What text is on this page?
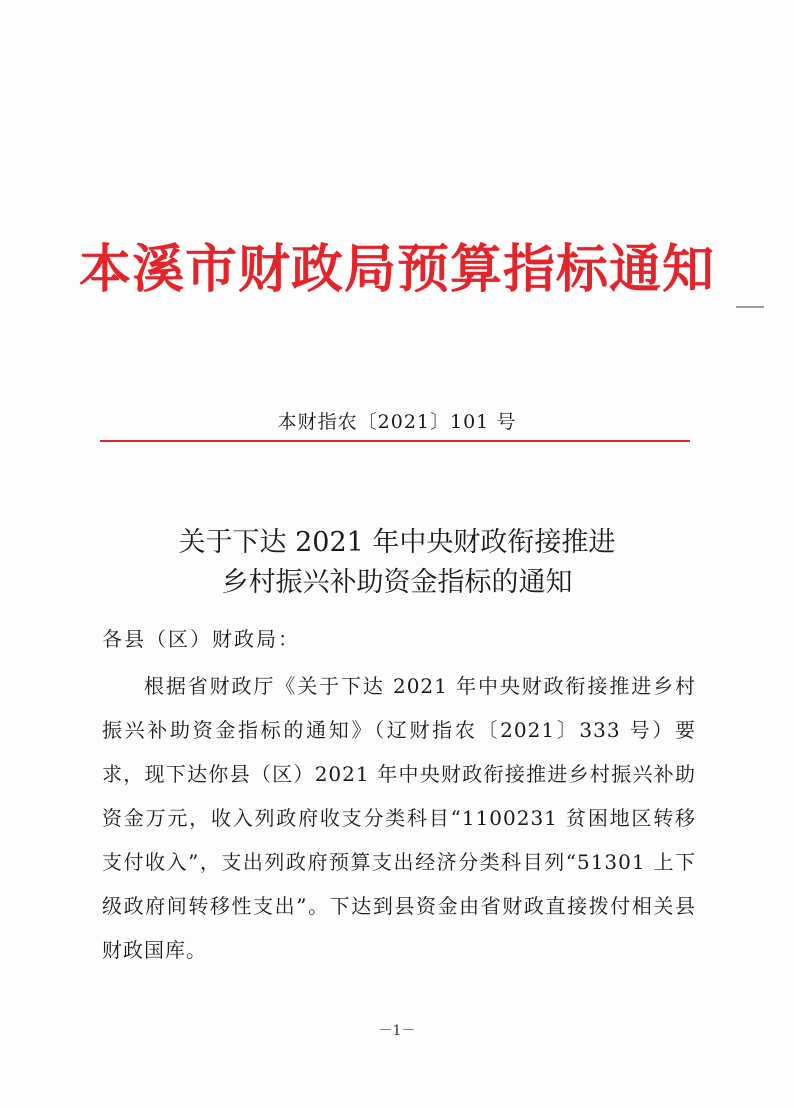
本溪市财政局预算指标通知
本财指农〔2021〕101 号
关于下达 2021 年中央财政衔接推进
乡村振兴补助资金指标的通知
各县（区）财政局：
根据省财政厅《关于下达 2021 年中央财政衔接推进乡村振兴补助资金指标的通知》（辽财指农〔2021〕333 号）要求，现下达你县（区）2021 年中央财政衔接推进乡村振兴补助资金万元，收入列政府收支分类科目“1100231 贫困地区转移支付收入”，支出列政府预算支出经济分类科目列“51301 上下级政府间转移性支出”。下达到县资金由省财政直接拨付相关县财政国库。
－1－
